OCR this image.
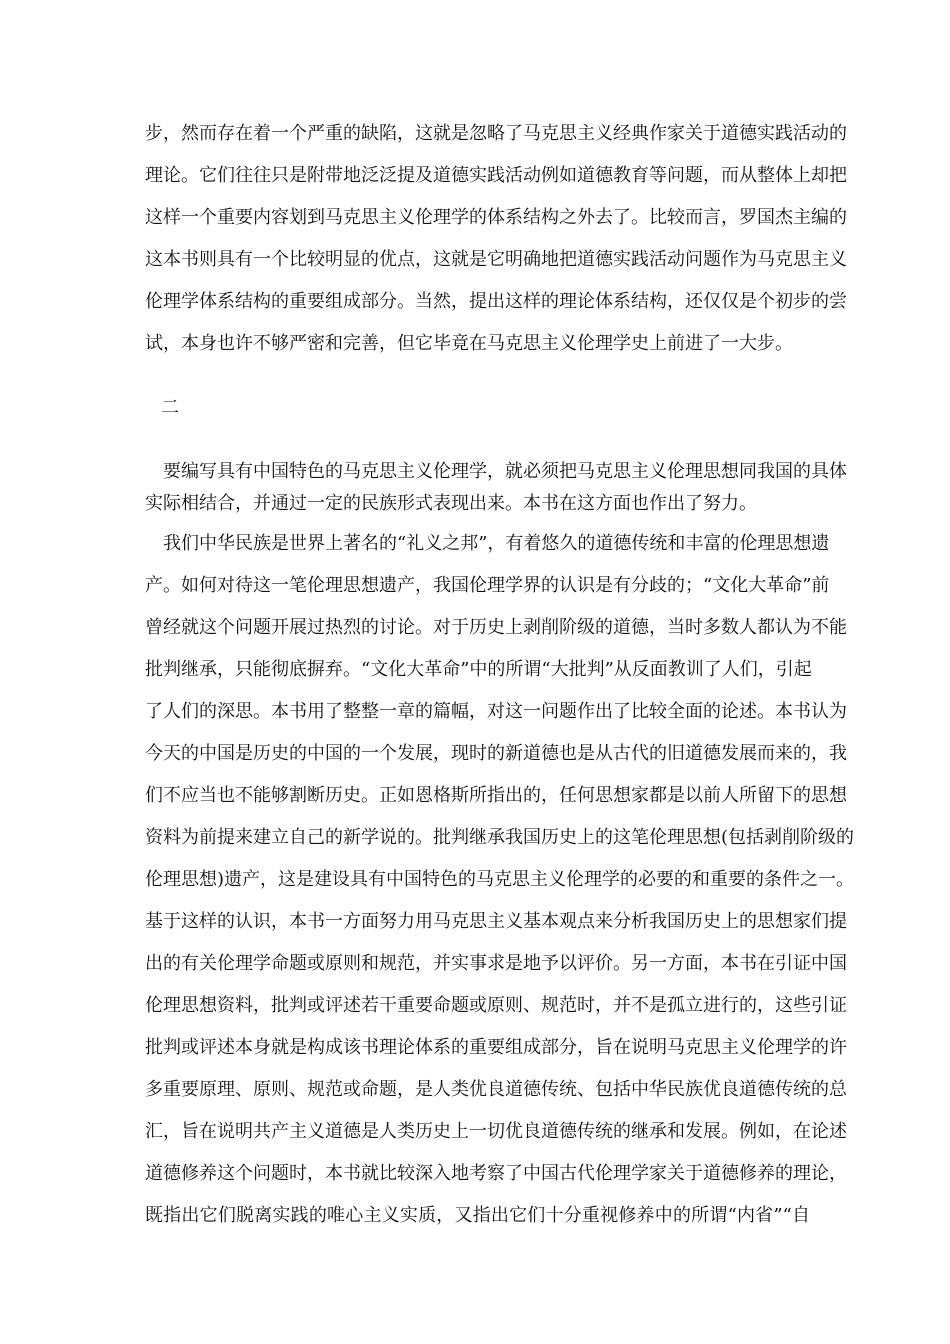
步，然而存在着一个严重的缺陷，这就是忽略了马克思主义经典作家关于道德实践活动的
理论。它们往往只是附带地泛泛提及道德实践活动例如道德教育等问题，而从整体上却把
这样一个重要内容划到马克思主义伦理学的体系结构之外去了。比较而言，罗国杰主编的
这本书则具有一个比较明显的优点，这就是它明确地把道德实践活动问题作为马克思主义
伦理学体系结构的重要组成部分。当然，提出这样的理论体系结构，还仅仅是个初步的尝
试，本身也许不够严密和完善，但它毕竟在马克思主义伦理学史上前进了一大步。
二
要编写具有中国特色的马克思主义伦理学，就必须把马克思主义伦理思想同我国的具体
实际相结合，并通过一定的民族形式表现出来。本书在这方面也作出了努力。
我们中华民族是世界上著名的“礼义之邦”，有着悠久的道德传统和丰富的伦理思想遗
产。如何对待这一笔伦理思想遗产，我国伦理学界的认识是有分歧的；“文化大革命”前
曾经就这个问题开展过热烈的讨论。对于历史上剥削阶级的道德，当时多数人都认为不能
批判继承，只能彻底摒弃。“文化大革命”中的所谓“大批判”从反面教训了人们，引起
了人们的深思。本书用了整整一章的篇幅，对这一问题作出了比较全面的论述。本书认为
今天的中国是历史的中国的一个发展，现时的新道德也是从古代的旧道德发展而来的，我
们不应当也不能够割断历史。正如恩格斯所指出的，任何思想家都是以前人所留下的思想
资料为前提来建立自己的新学说的。批判继承我国历史上的这笔伦理思想(包括剥削阶级的
伦理思想)遗产，这是建设具有中国特色的马克思主义伦理学的必要的和重要的条件之一。
基于这样的认识，本书一方面努力用马克思主义基本观点来分析我国历史上的思想家们提
出的有关伦理学命题或原则和规范，并实事求是地予以评价。另一方面，本书在引证中国
伦理思想资料，批判或评述若干重要命题或原则、规范时，并不是孤立进行的，这些引证
批判或评述本身就是构成该书理论体系的重要组成部分，旨在说明马克思主义伦理学的许
多重要原理、原则、规范或命题，是人类优良道德传统、包括中华民族优良道德传统的总
汇，旨在说明共产主义道德是人类历史上一切优良道德传统的继承和发展。例如，在论述
道德修养这个问题时，本书就比较深入地考察了中国古代伦理学家关于道德修养的理论，
既指出它们脱离实践的唯心主义实质，又指出它们十分重视修养中的所谓“内省”“自
